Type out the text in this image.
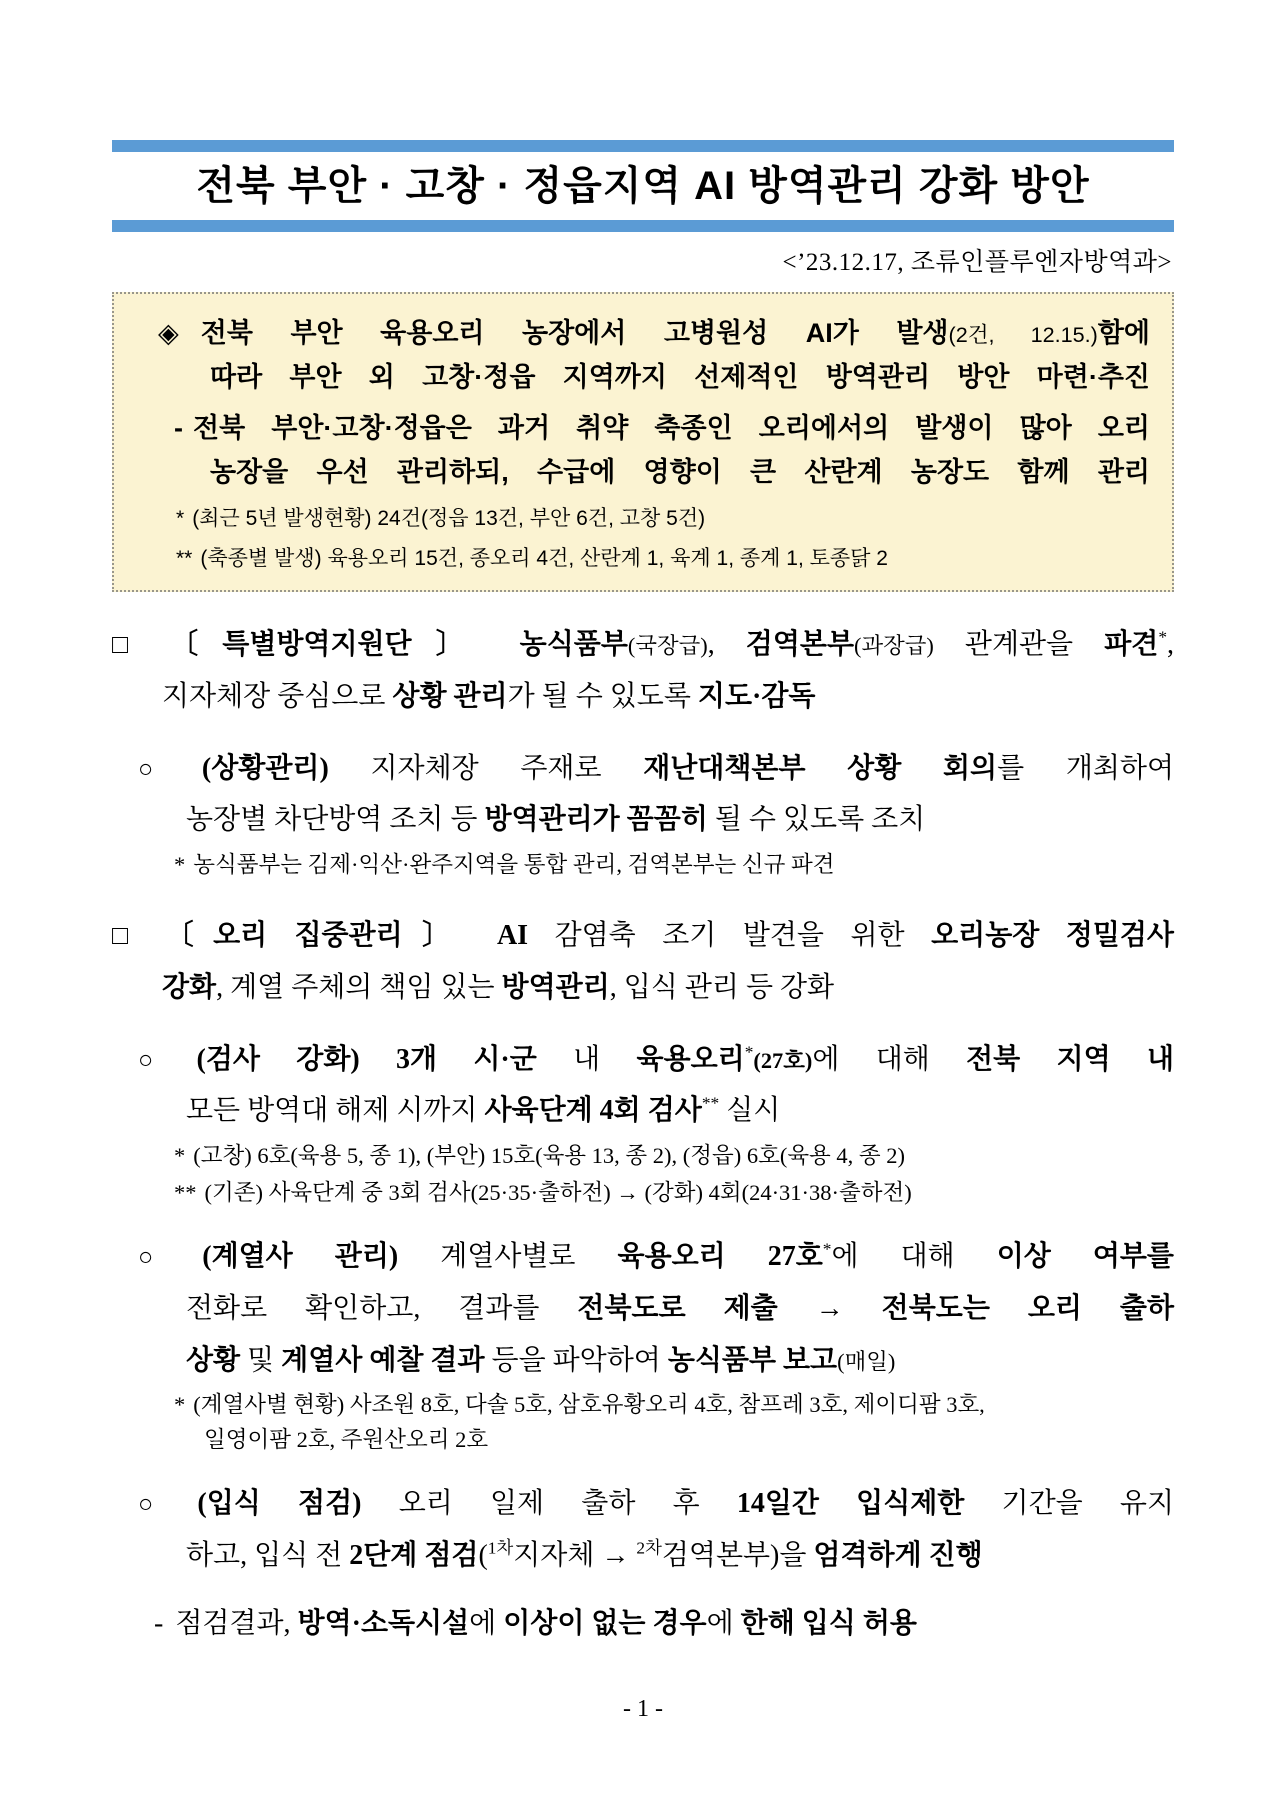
전북 부안 · 고창 · 정읍지역 AI 방역관리 강화 방안
<’23.12.17, 조류인플루엔자방역과>
◈ 전북 부안 육용오리 농장에서 고병원성 AI가 발생(2건, 12.15.)함에
따라 부안 외 고창·정읍 지역까지 선제적인 방역관리 방안 마련·추진
- 전북 부안·고창·정읍은 과거 취약 축종인 오리에서의 발생이 많아 오리
농장을 우선 관리하되, 수급에 영향이 큰 산란계 농장도 함께 관리
* (최근 5년 발생현황) 24건(정읍 13건, 부안 6건, 고창 5건)
** (축종별 발생) 육용오리 15건, 종오리 4건, 산란계 1, 육계 1, 종계 1, 토종닭 2
□ 〔특별방역지원단〕 농식품부(국장급), 검역본부(과장급) 관계관을 파견*,
지자체장 중심으로 상황 관리가 될 수 있도록 지도·감독
○ (상황관리) 지자체장 주재로 재난대책본부 상황 회의를 개최하여
농장별 차단방역 조치 등 방역관리가 꼼꼼히 될 수 있도록 조치
* 농식품부는 김제·익산·완주지역을 통합 관리, 검역본부는 신규 파견
□ 〔오리 집중관리〕 AI 감염축 조기 발견을 위한 오리농장 정밀검사
강화, 계열 주체의 책임 있는 방역관리, 입식 관리 등 강화
○ (검사 강화) 3개 시·군 내 육용오리*(27호)에 대해 전북 지역 내
모든 방역대 해제 시까지 사육단계 4회 검사** 실시
* (고창) 6호(육용 5, 종 1), (부안) 15호(육용 13, 종 2), (정읍) 6호(육용 4, 종 2)
** (기존) 사육단계 중 3회 검사(25·35·출하전) → (강화) 4회(24·31·38·출하전)
○ (계열사 관리) 계열사별로 육용오리 27호*에 대해 이상 여부를
전화로 확인하고, 결과를 전북도로 제출 → 전북도는 오리 출하
상황 및 계열사 예찰 결과 등을 파악하여 농식품부 보고(매일)
* (계열사별 현황) 사조원 8호, 다솔 5호, 삼호유황오리 4호, 참프레 3호, 제이디팜 3호,
일영이팜 2호, 주원산오리 2호
○ (입식 점검) 오리 일제 출하 후 14일간 입식제한 기간을 유지
하고, 입식 전 2단계 점검($^{1차}$지자체 → $^{2차}$검역본부)을 엄격하게 진행
- 점검결과, 방역·소독시설에 이상이 없는 경우에 한해 입식 허용
- 1 -
